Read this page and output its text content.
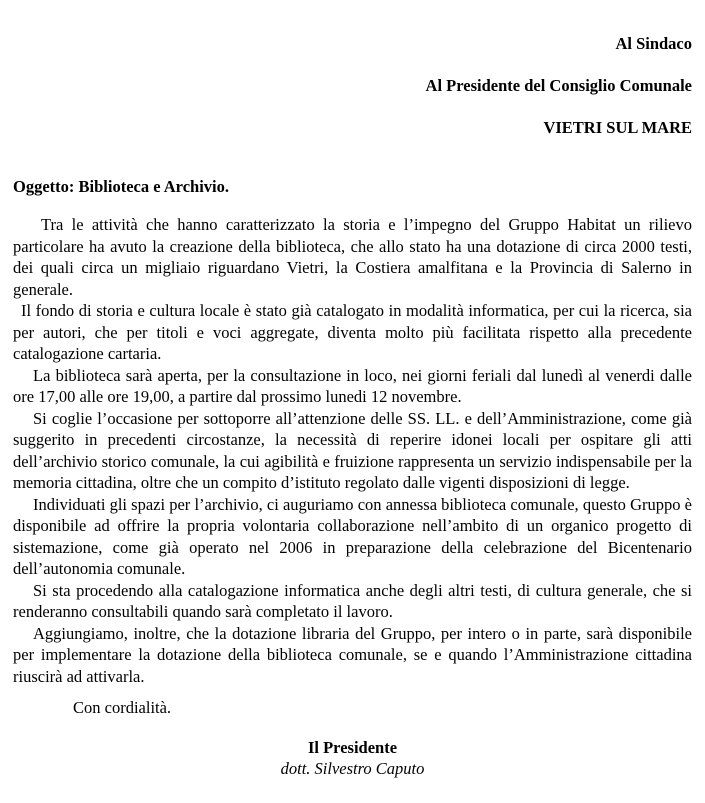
Al Sindaco
Al Presidente del Consiglio Comunale
VIETRI SUL MARE
Oggetto: Biblioteca e Archivio.

Tra le attività che hanno caratterizzato la storia e l’impegno del Gruppo Habitat un rilievo particolare ha avuto la creazione della biblioteca, che allo stato ha una dotazione di circa 2000 testi, dei quali circa un migliaio riguardano Vietri, la Costiera amalfitana e la Provincia di Salerno in generale.

Il fondo di storia e cultura locale è stato già catalogato in modalità informatica, per cui la ricerca, sia per autori, che per titoli e voci aggregate, diventa molto più facilitata rispetto alla precedente catalogazione cartaria.

La biblioteca sarà aperta, per la consultazione in loco, nei giorni feriali dal lunedì al venerdi dalle ore 17,00 alle ore 19,00, a partire dal prossimo lunedi 12 novembre.

Si coglie l’occasione per sottoporre all’attenzione delle SS. LL. e dell’Amministrazione, come già suggerito in precedenti circostanze, la necessità di reperire idonei locali per ospitare gli atti dell’archivio storico comunale, la cui agibilità e fruizione rappresenta un servizio indispensabile per la memoria cittadina, oltre che un compito d’istituto regolato dalle vigenti disposizioni di legge.

Individuati gli spazi per l’archivio, ci auguriamo con annessa biblioteca comunale, questo Gruppo è disponibile ad offrire la propria volontaria collaborazione nell’ambito di un organico progetto di sistemazione, come già operato nel 2006 in preparazione della celebrazione del Bicentenario dell’autonomia comunale.

Si sta procedendo alla catalogazione informatica anche degli altri testi, di cultura generale, che si renderanno consultabili quando sarà completato il lavoro.

Aggiungiamo, inoltre, che la dotazione libraria del Gruppo, per intero o in parte, sarà disponibile per implementare la dotazione della biblioteca comunale, se e quando l’Amministrazione cittadina riuscirà ad attivarla.

Con cordialità.
Il Presidente
dott. Silvestro Caputo
